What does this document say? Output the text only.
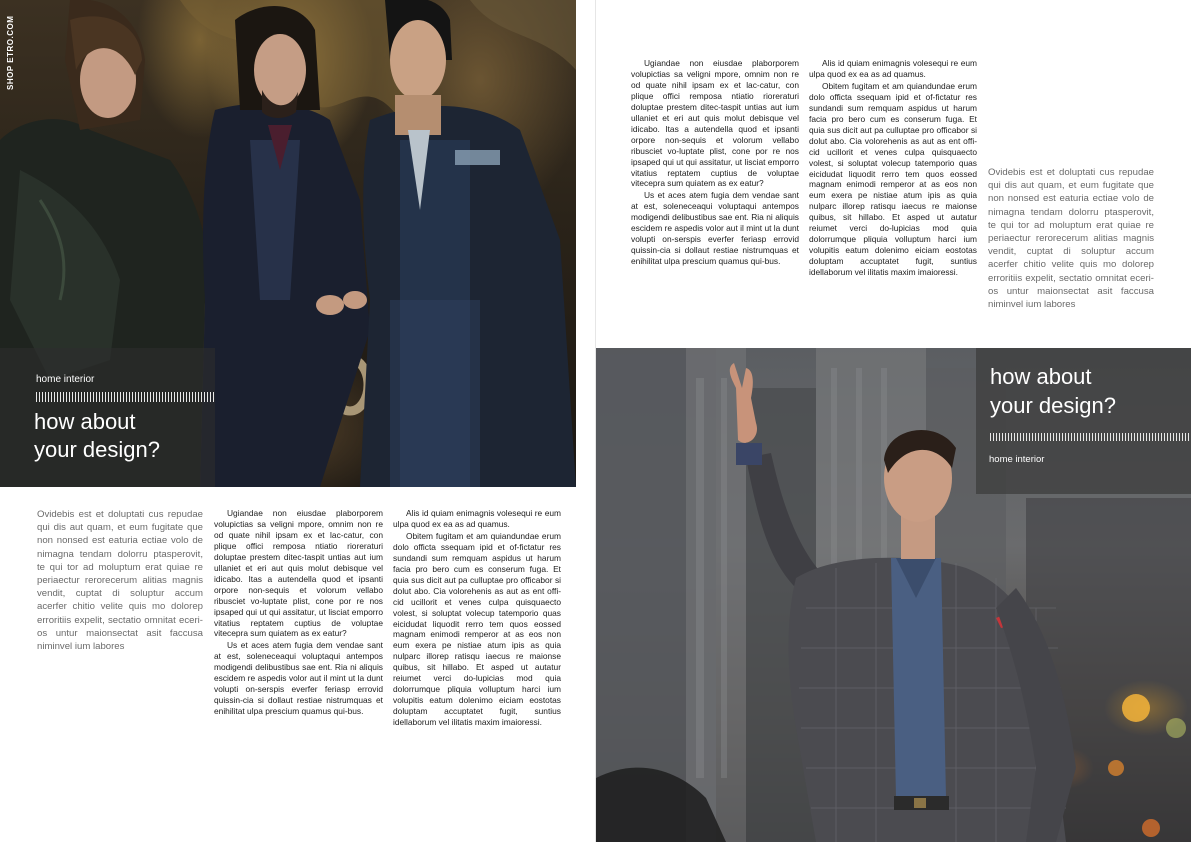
SHOP ETRO.COM
home interior
how about
your design?
Ovidebis est et doluptati cus repudae qui dis aut quam, et eum fugitate que non nonsed est eaturia ectiae volo de nimagna tendam dolorru ptasperovit, te qui tor ad moluptum erat quiae re periaectur rerorecerum alitias magnis vendit, cuptat di soluptur accum acerfer chitio velite quis mo dolorep erroritiis expelit, sectatio omnitat eceri-os untur maionsectat asit faccusa niminvel ium labores

Ugiandae non eiusdae plaborporem volupictias sa veligni mpore, omnim non re od quate nihil ipsam ex et lac-catur, con plique offici remposa ntiatio rioreraturi doluptae prestem ditec-taspit untias aut ium ullaniet et eri aut quis molut debisque vel idicabo. Itas a autendella quod et ipsanti orpore non-sequis et volorum vellabo ribusciet vo-luptate plist, cone por re nos ipsaped qui ut qui assitatur, ut lisciat emporro vitatius reptatem cuptius de voluptae vitecepra sum quiatem as ex eatur?

Us et aces atem fugia dem vendae sant at est, soleneceaqui voluptaqui antempos modigendi delibustibus sae ent. Ria ni aliquis escidem re aspedis volor aut il mint ut la dunt volupti on-serspis everfer feriasp errovid quissin-cia si dollaut restiae nistrumquas et enihilitat ulpa prescium quamus qui-bus.

Alis id quiam enimagnis volesequi re eum ulpa quod ex ea as ad quamus.

Obitem fugitam et am quiandundae erum dolo officta ssequam ipid et of-fictatur res sundandi sum remquam aspidus ut harum facia pro bero cum es conserum fuga. Et quia sus dicit aut pa culluptae pro officabor si dolut abo. Cia volorehenis as aut as ent offi-cid ucillorit et venes culpa quisquaecto volest, si soluptat volecup tatemporio quas eicidudat liquodit rerro tem quos eossed magnam enimodi remperor at as eos non eum exera pe nistiae atum ipis as quia nulparc illorep ratisqu iaecus re maionse quibus, sit hillabo. Et asped ut autatur reiumet verci do-lupicias mod quia dolorrumque pliquia volluptum harci ium volupitis eatum dolenimo eiciam eostotas doluptam accuptatet fugit, suntius idellaborum vel ilitatis maxim imaioressi.

Ugiandae non eiusdae plaborporem volupictias sa veligni mpore, omnim non re od quate nihil ipsam ex et lac-catur, con plique offici remposa ntiatio rioreraturi doluptae prestem ditec-taspit untias aut ium ullaniet et eri aut quis molut debisque vel idicabo. Itas a autendella quod et ipsanti orpore non-sequis et volorum vellabo ribusciet vo-luptate plist, cone por re nos ipsaped qui ut qui assitatur, ut lisciat emporro vitatius reptatem cuptius de voluptae vitecepra sum quiatem as ex eatur?

Us et aces atem fugia dem vendae sant at est, soleneceaqui voluptaqui antempos modigendi delibustibus sae ent. Ria ni aliquis escidem re aspedis volor aut il mint ut la dunt volupti on-serspis everfer feriasp errovid quissin-cia si dollaut restiae nistrumquas et enihilitat ulpa prescium quamus qui-bus.

Alis id quiam enimagnis volesequi re eum ulpa quod ex ea as ad quamus.

Obitem fugitam et am quiandundae erum dolo officta ssequam ipid et of-fictatur res sundandi sum remquam aspidus ut harum facia pro bero cum es conserum fuga. Et quia sus dicit aut pa culluptae pro officabor si dolut abo. Cia volorehenis as aut as ent offi-cid ucillorit et venes culpa quisquaecto volest, si soluptat volecup tatemporio quas eicidudat liquodit rerro tem quos eossed magnam enimodi remperor at as eos non eum exera pe nistiae atum ipis as quia nulparc illorep ratisqu iaecus re maionse quibus, sit hillabo. Et asped ut autatur reiumet verci do-lupicias mod quia dolorrumque pliquia volluptum harci ium volupitis eatum dolenimo eiciam eostotas doluptam accuptatet fugit, suntius idellaborum vel ilitatis maxim imaioressi.

Ovidebis est et doluptati cus repudae qui dis aut quam, et eum fugitate que non nonsed est eaturia ectiae volo de nimagna tendam dolorru ptasperovit, te qui tor ad moluptum erat quiae re periaectur rerorecerum alitias magnis vendit, cuptat di soluptur accum acerfer chitio velite quis mo dolorep erroritiis expelit, sectatio omnitat eceri-os untur maionsectat asit faccusa niminvel ium labores
how about
your design?
home interior
